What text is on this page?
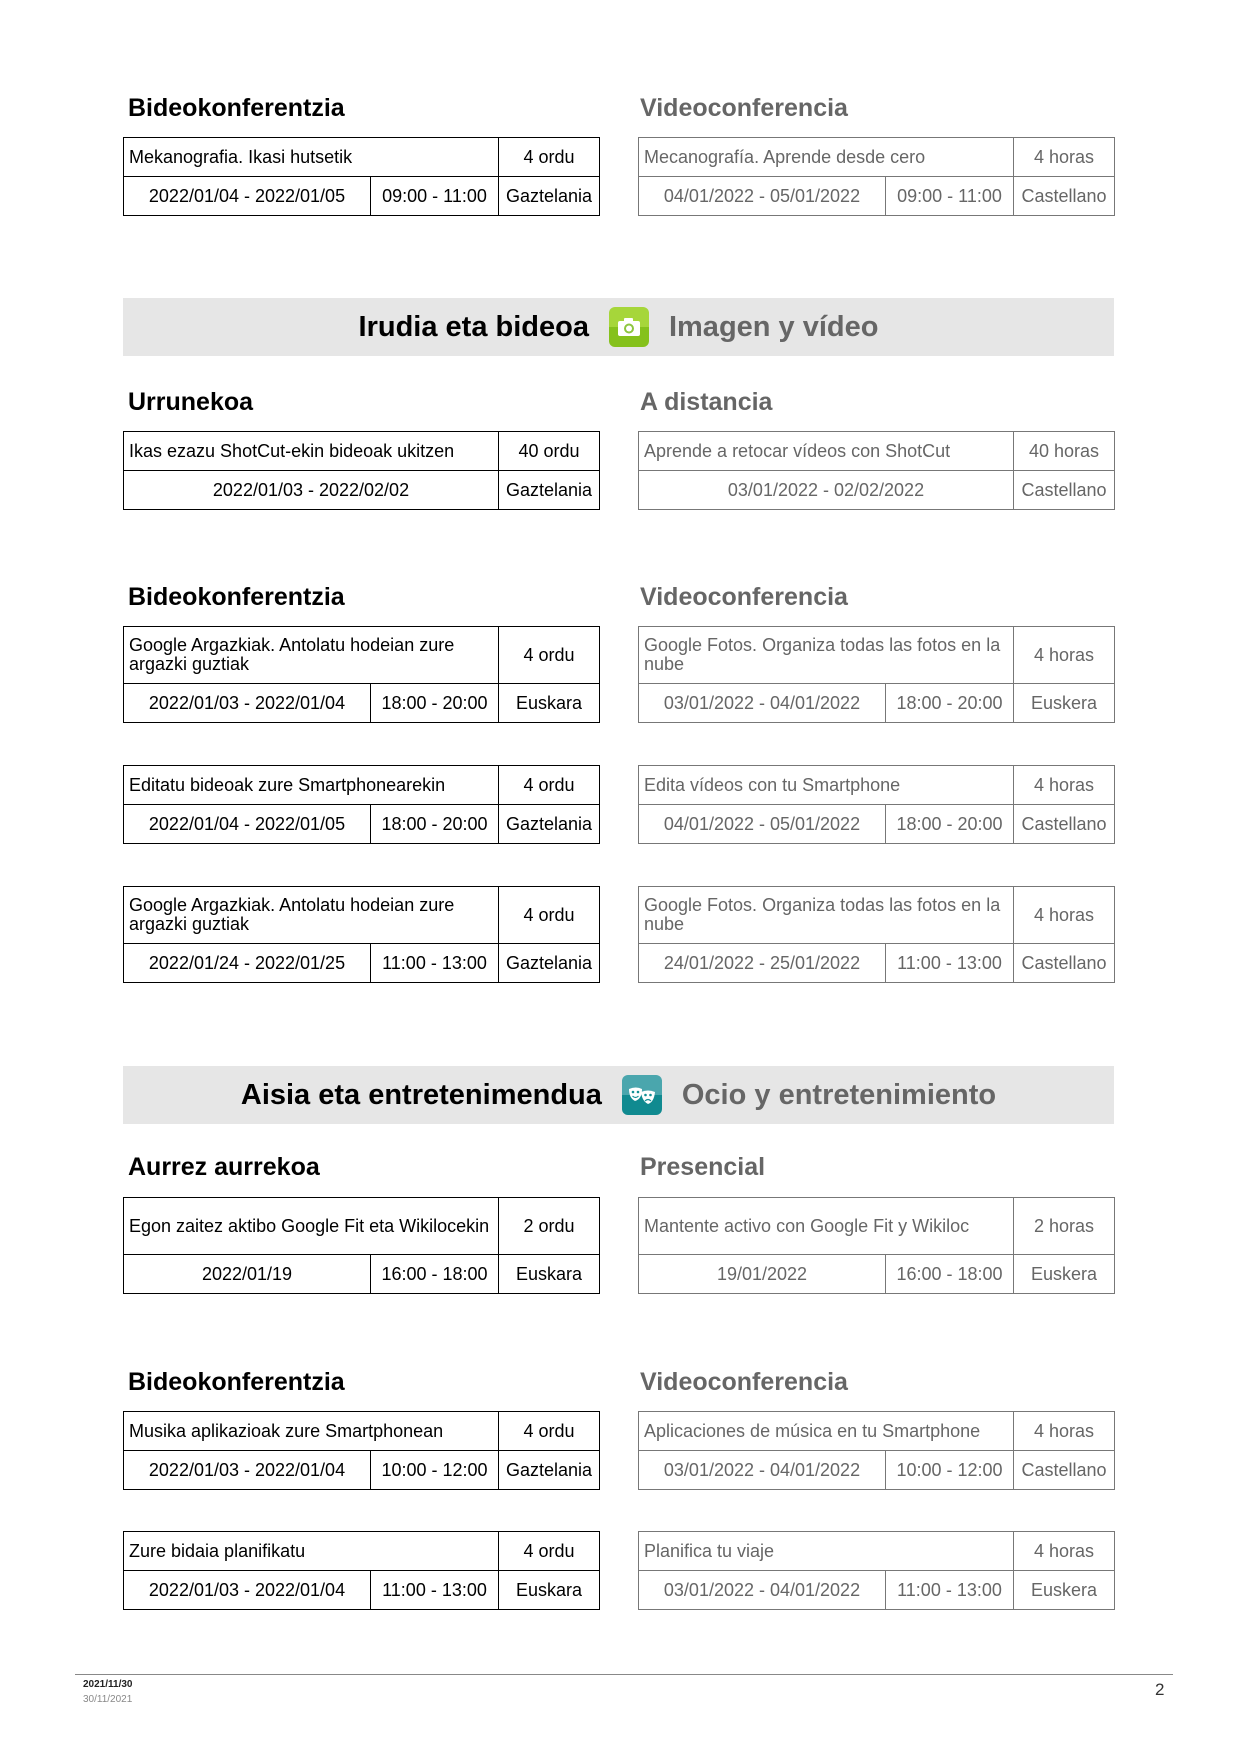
Bideokonferentzia	Videoconferencia
Mekanografia. Ikasi hutsetik		4 ordu
2022/01/04 - 2022/01/05	09:00 - 11:00	Gaztelania
Mecanografía. Aprende desde cero		4 horas
04/01/2022 - 05/01/2022	09:00 - 11:00	Castellano
Irudia eta bideoa	Imagen y vídeo
Urrunekoa	A distancia
Ikas ezazu ShotCut-ekin bideoak ukitzen	40 ordu
2022/01/03 - 2022/02/02	Gaztelania
Aprende a retocar vídeos con ShotCut	40 horas
03/01/2022 - 02/02/2022	Castellano
Bideokonferentzia	Videoconferencia
Google Argazkiak. Antolatu hodeian zure argazki guztiak		4 ordu
2022/01/03 - 2022/01/04	18:00 - 20:00	Euskara
Google Fotos. Organiza todas las fotos en la nube		4 horas
03/01/2022 - 04/01/2022	18:00 - 20:00	Euskera
Editatu bideoak zure Smartphonearekin		4 ordu
2022/01/04 - 2022/01/05	18:00 - 20:00	Gaztelania
Edita vídeos con tu Smartphone		4 horas
04/01/2022 - 05/01/2022	18:00 - 20:00	Castellano
Google Argazkiak. Antolatu hodeian zure argazki guztiak		4 ordu
2022/01/24 - 2022/01/25	11:00 - 13:00	Gaztelania
Google Fotos. Organiza todas las fotos en la nube		4 horas
24/01/2022 - 25/01/2022	11:00 - 13:00	Castellano
Aisia eta entretenimendua	Ocio y entretenimiento
Aurrez aurrekoa	Presencial
Egon zaitez aktibo Google Fit eta Wikilocekin		2 ordu
2022/01/19	16:00 - 18:00	Euskara
Mantente activo con Google Fit y Wikiloc		2 horas
19/01/2022	16:00 - 18:00	Euskera
Bideokonferentzia	Videoconferencia
Musika aplikazioak zure Smartphonean		4 ordu
2022/01/03 - 2022/01/04	10:00 - 12:00	Gaztelania
Aplicaciones de música en tu Smartphone		4 horas
03/01/2022 - 04/01/2022	10:00 - 12:00	Castellano
Zure bidaia planifikatu		4 ordu
2022/01/03 - 2022/01/04	11:00 - 13:00	Euskara
Planifica tu viaje		4 horas
03/01/2022 - 04/01/2022	11:00 - 13:00	Euskera
2021/11/30
30/11/2021
2
